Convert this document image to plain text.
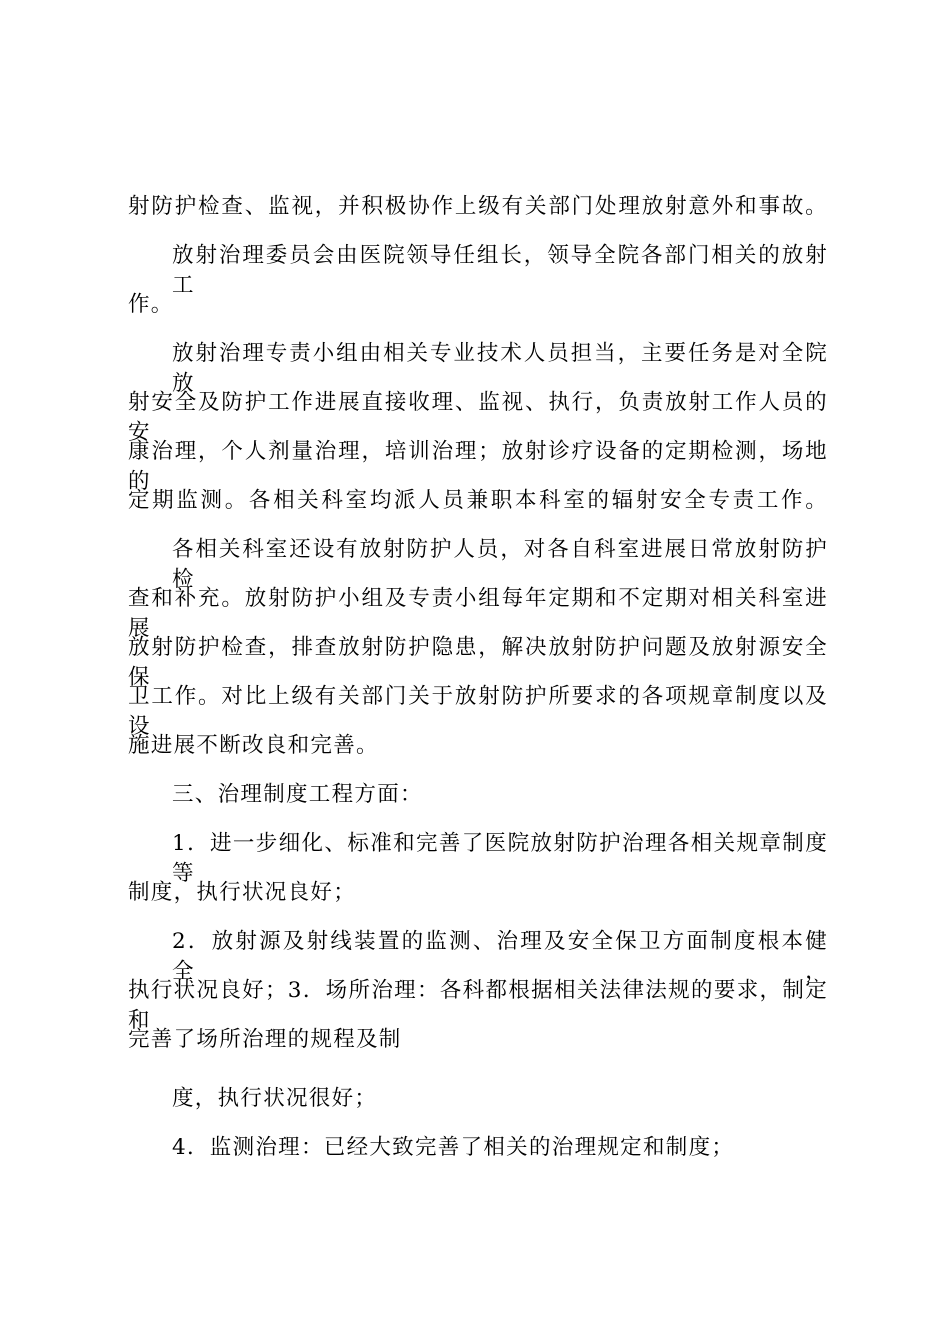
射防护检查、监视，并积极协作上级有关部门处理放射意外和事故。
放射治理委员会由医院领导任组长，领导全院各部门相关的放射工
作。
放射治理专责小组由相关专业技术人员担当，主要任务是对全院放
射安全及防护工作进展直接收理、监视、执行，负责放射工作人员的安
康治理，个人剂量治理，培训治理；放射诊疗设备的定期检测，场地的
定期监测。各相关科室均派人员兼职本科室的辐射安全专责工作。
各相关科室还设有放射防护人员，对各自科室进展日常放射防护检
查和补充。放射防护小组及专责小组每年定期和不定期对相关科室进展
放射防护检查，排查放射防护隐患，解决放射防护问题及放射源安全保
卫工作。对比上级有关部门关于放射防护所要求的各项规章制度以及设
施进展不断改良和完善。
三、治理制度工程方面：
1．进一步细化、标准和完善了医院放射防护治理各相关规章制度等
制度，执行状况良好；
2．放射源及射线装置的监测、治理及安全保卫方面制度根本健全，
执行状况良好；3．场所治理：各科都根据相关法律法规的要求，制定和
完善了场所治理的规程及制
度，执行状况很好；
4．监测治理：已经大致完善了相关的治理规定和制度；
